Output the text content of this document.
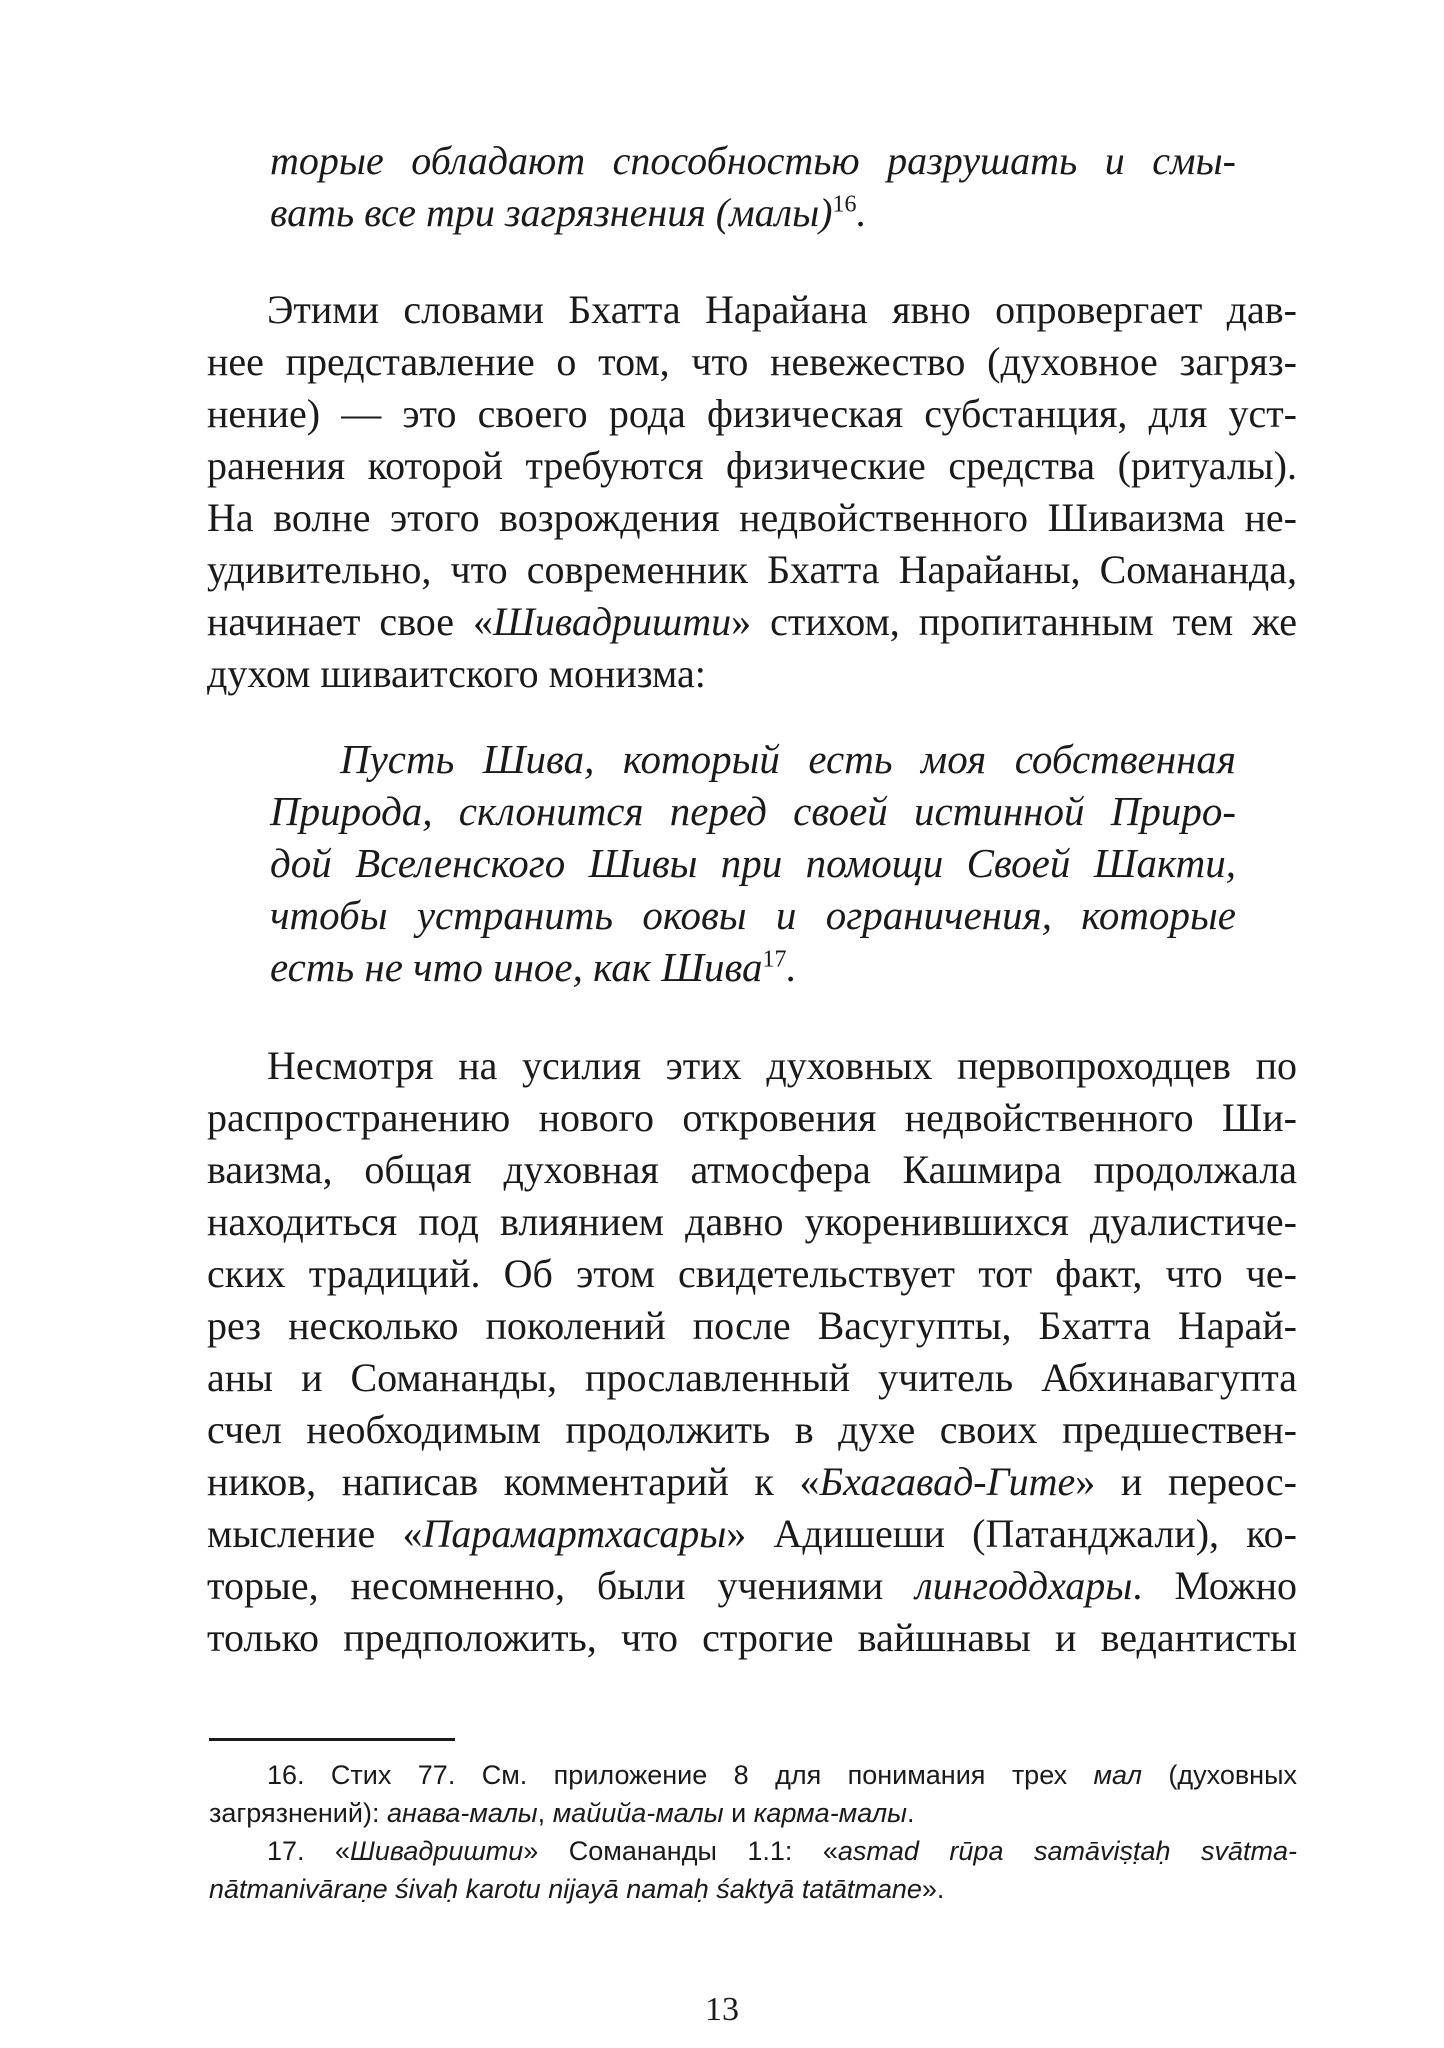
торые обладают способностью разрушать и смы-
вать все три загрязнения (малы)$^{16}$.
Этими словами Бхатта Нарайана явно опровергает дав-
нее представление о том, что невежество (духовное загряз-
нение) — это своего рода физическая субстанция, для уст-
ранения которой требуются физические средства (ритуалы).
На волне этого возрождения недвойственного Шиваизма не-
удивительно, что современник Бхатта Нарайаны, Сомананда,
начинает свое «Шивадришти» стихом, пропитанным тем же
духом шиваитского монизма:
Пусть Шива, который есть моя собственная
Природа, склонится перед своей истинной Приро-
дой Вселенского Шивы при помощи Своей Шакти,
чтобы устранить оковы и ограничения, которые
есть не что иное, как Шива$^{17}$.
Несмотря на усилия этих духовных первопроходцев по
распространению нового откровения недвойственного Ши-
ваизма, общая духовная атмосфера Кашмира продолжала
находиться под влиянием давно укоренившихся дуалистиче-
ских традиций. Об этом свидетельствует тот факт, что че-
рез несколько поколений после Васугупты, Бхатта Нарай-
аны и Сомананды, прославленный учитель Абхинавагупта
счел необходимым продолжить в духе своих предшествен-
ников, написав комментарий к «Бхагавад-Гите» и переос-
мысление «Парамартхасары» Адишеши (Патанджали), ко-
торые, несомненно, были учениями лингоддхары. Можно
только предположить, что строгие вайшнавы и ведантисты
16. Стих 77. См. приложение 8 для понимания трех мал (духовных
загрязнений): анава-малы, майийа-малы и карма-малы.
17. «Шивадришти» Сомананды 1.1: «asmad rūpa samāviṣṭaḥ svātma-
nātmanivāraṇe śivaḥ karotu nijayā namaḥ śaktyā tatātmane».
13
